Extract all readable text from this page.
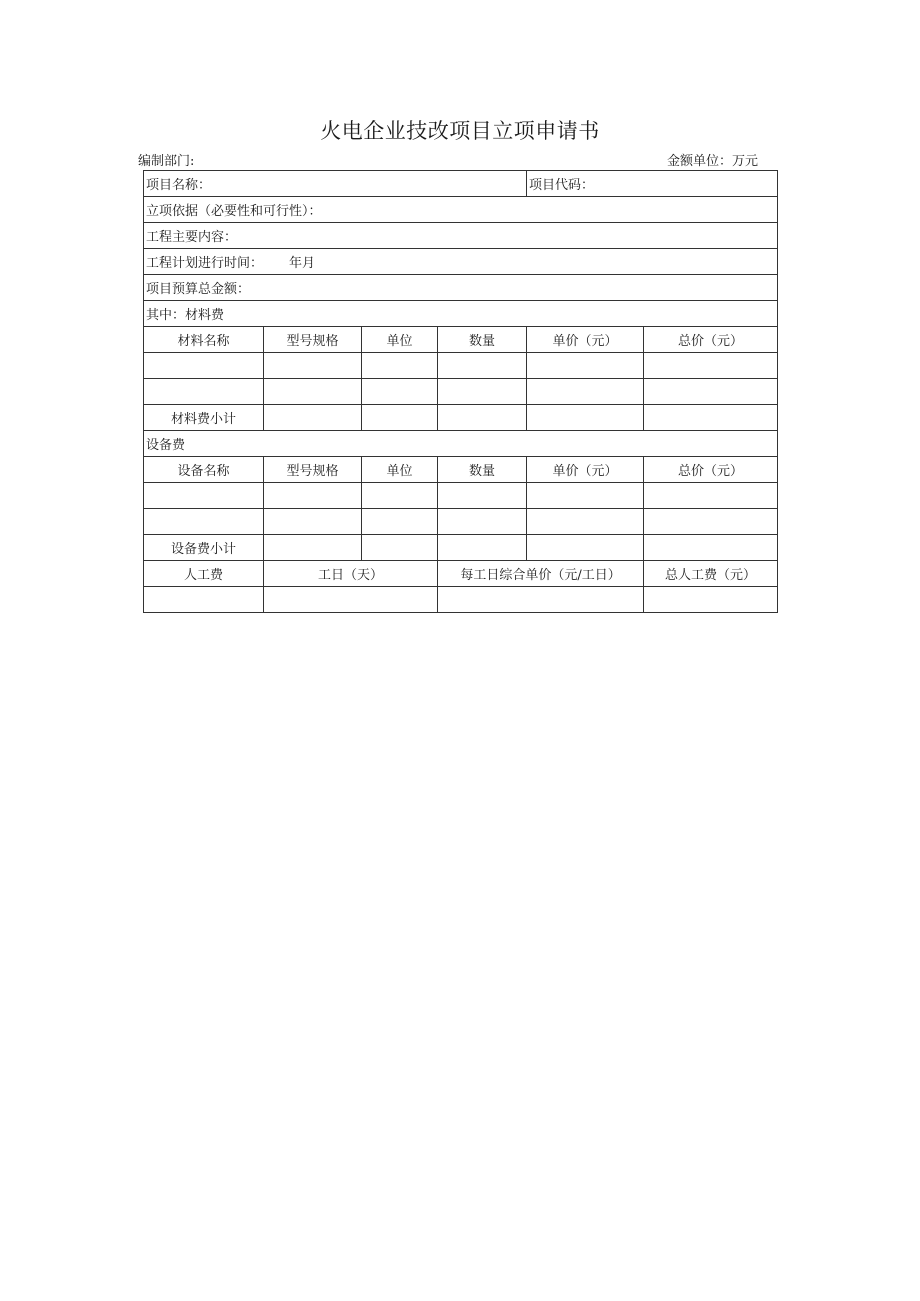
火电企业技改项目立项申请书
编制部门:	金额单位：万元
项目名称：				项目代码：	
立项依据（必要性和可行性）：					
工程主要内容：					
工程计划进行时间： 年月					
项目预算总金额：					
其中：材料费					
材料名称	型号规格	单位	数量	单价（元）	总价（元）

材料费小计					
设备费					
设备名称	型号规格	单位	数量	单价（元）	总价（元）

设备费小计					
人工费	工日（天）		每工日综合单价（元/工日）		总人工费（元）
